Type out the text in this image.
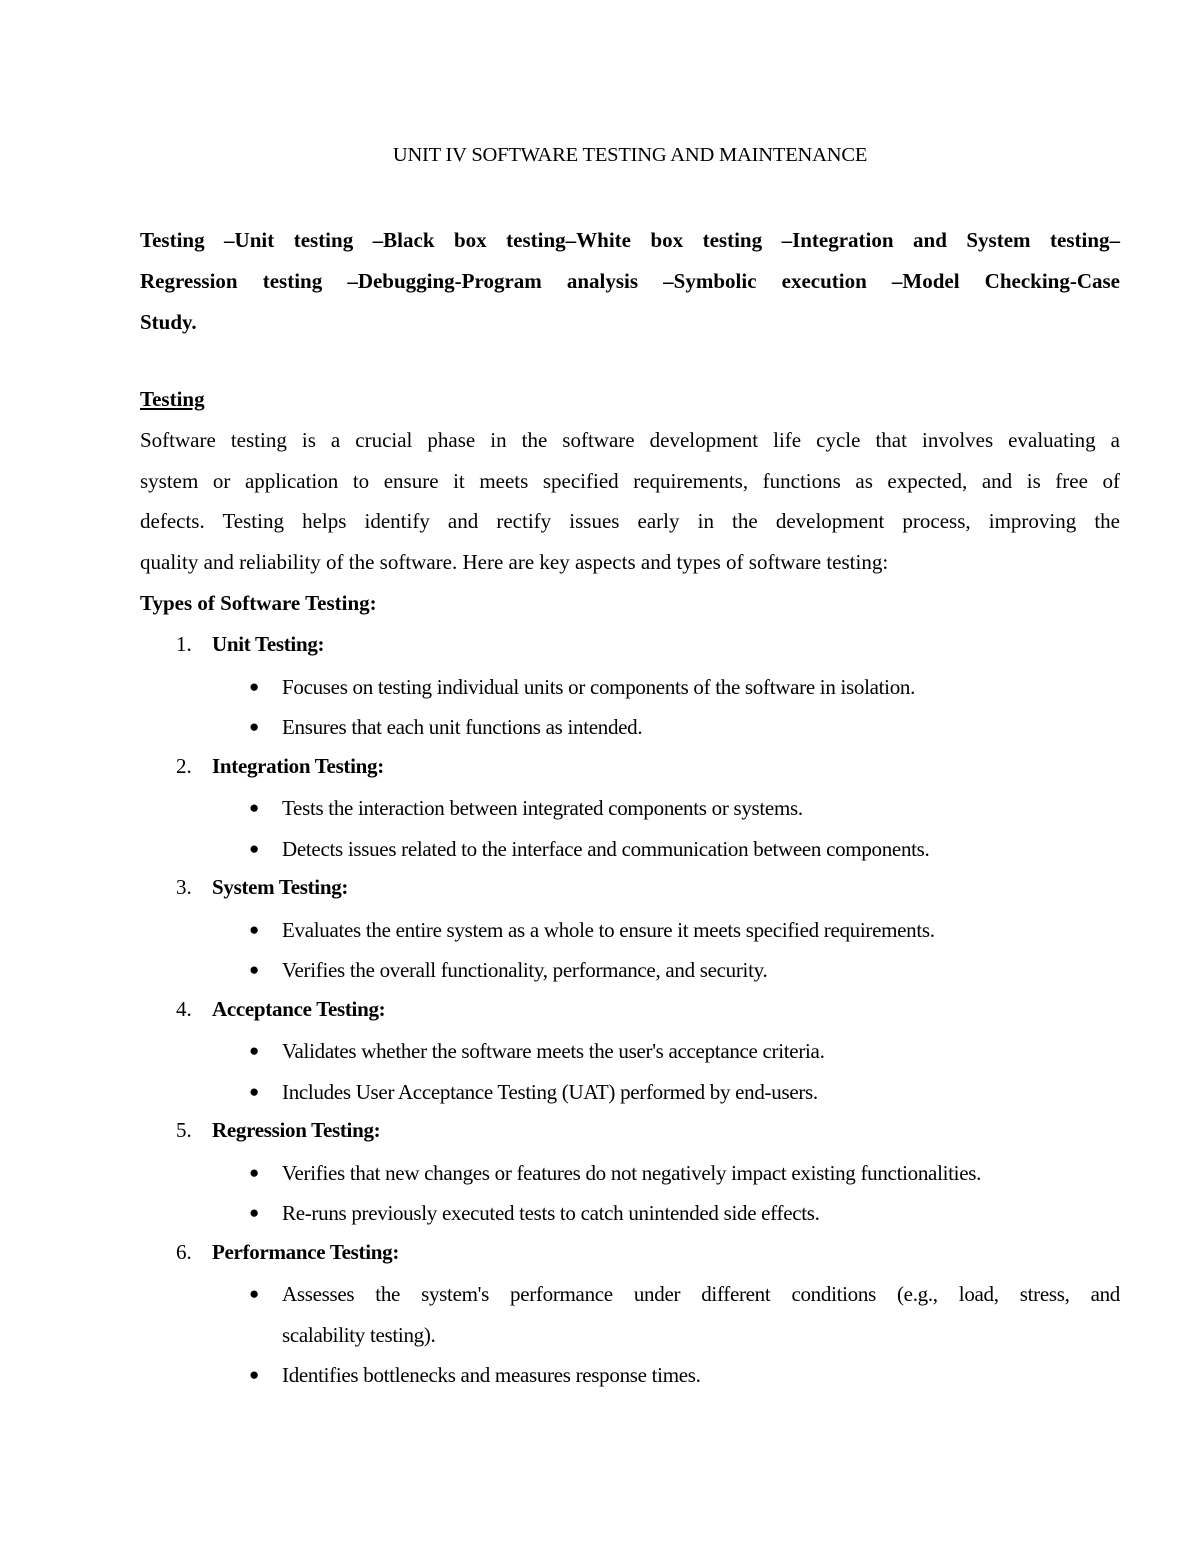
UNIT IV SOFTWARE TESTING AND MAINTENANCE
Testing –Unit testing –Black box testing–White box testing –Integration and System testing–
Regression testing –Debugging-Program analysis –Symbolic execution –Model Checking-Case
Study.
Testing
Software testing is a crucial phase in the software development life cycle that involves evaluating a
system or application to ensure it meets specified requirements, functions as expected, and is free of
defects. Testing helps identify and rectify issues early in the development process, improving the
quality and reliability of the software. Here are key aspects and types of software testing:
Types of Software Testing:
1. Unit Testing:
● Focuses on testing individual units or components of the software in isolation.
● Ensures that each unit functions as intended.
2. Integration Testing:
● Tests the interaction between integrated components or systems.
● Detects issues related to the interface and communication between components.
3. System Testing:
● Evaluates the entire system as a whole to ensure it meets specified requirements.
● Verifies the overall functionality, performance, and security.
4. Acceptance Testing:
● Validates whether the software meets the user's acceptance criteria.
● Includes User Acceptance Testing (UAT) performed by end-users.
5. Regression Testing:
● Verifies that new changes or features do not negatively impact existing functionalities.
● Re-runs previously executed tests to catch unintended side effects.
6. Performance Testing:
● Assesses the system's performance under different conditions (e.g., load, stress, and
scalability testing).
● Identifies bottlenecks and measures response times.
